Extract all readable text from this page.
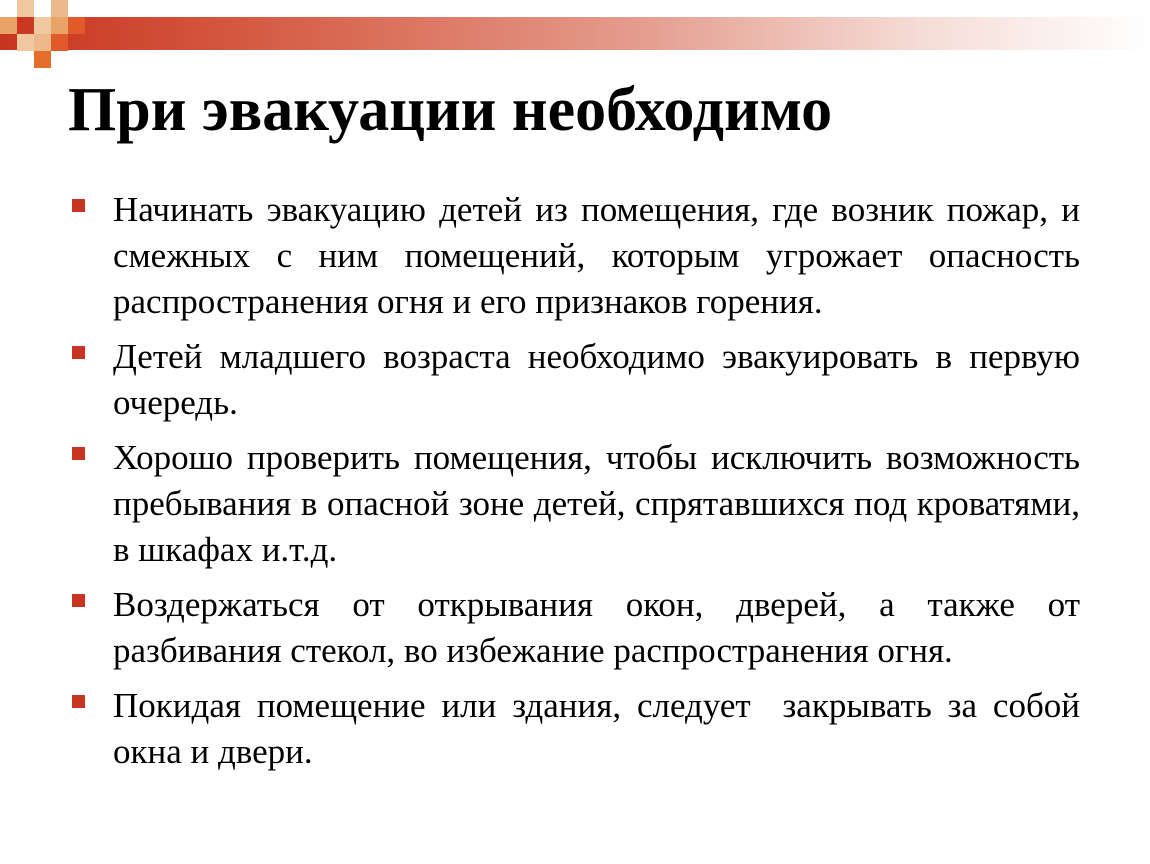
При эвакуации необходимо
Начинать эвакуацию детей из помещения, где возник пожар, и смежных с ним помещений, которым угрожает опасность распространения огня и его признаков горения.
Детей младшего возраста необходимо эвакуировать в первую очередь.
Хорошо проверить помещения, чтобы исключить возможность пребывания в опасной зоне детей, спрятавшихся под кроватями, в шкафах и.т.д.
Воздержаться от открывания окон, дверей, а также от разбивания стекол, во избежание распространения огня.
Покидая помещение или здания, следует  закрывать за собой окна и двери.
